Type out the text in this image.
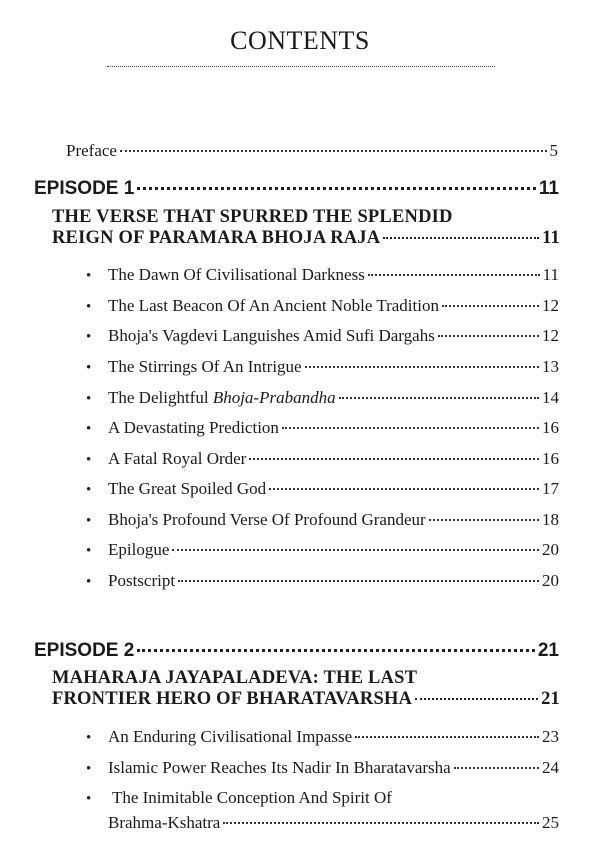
CONTENTS
Preface	5
EPISODE 1	11
THE VERSE THAT SPURRED THE SPLENDID
REIGN OF PARAMARA BHOJA RAJA	11
• The Dawn Of Civilisational Darkness	11
• The Last Beacon Of An Ancient Noble Tradition	12
• Bhoja's Vagdevi Languishes Amid Sufi Dargahs	12
• The Stirrings Of An Intrigue	13
• The Delightful Bhoja-Prabandha	14
• A Devastating Prediction	16
• A Fatal Royal Order	16
• The Great Spoiled God	17
• Bhoja's Profound Verse Of Profound Grandeur	18
• Epilogue	20
• Postscript	20
EPISODE 2	21
MAHARAJA JAYAPALADEVA: THE LAST
FRONTIER HERO OF BHARATAVARSHA	21
• An Enduring Civilisational Impasse	23
• Islamic Power Reaches Its Nadir In Bharatavarsha	24
• The Inimitable Conception And Spirit Of
Brahma-Kshatra	25
